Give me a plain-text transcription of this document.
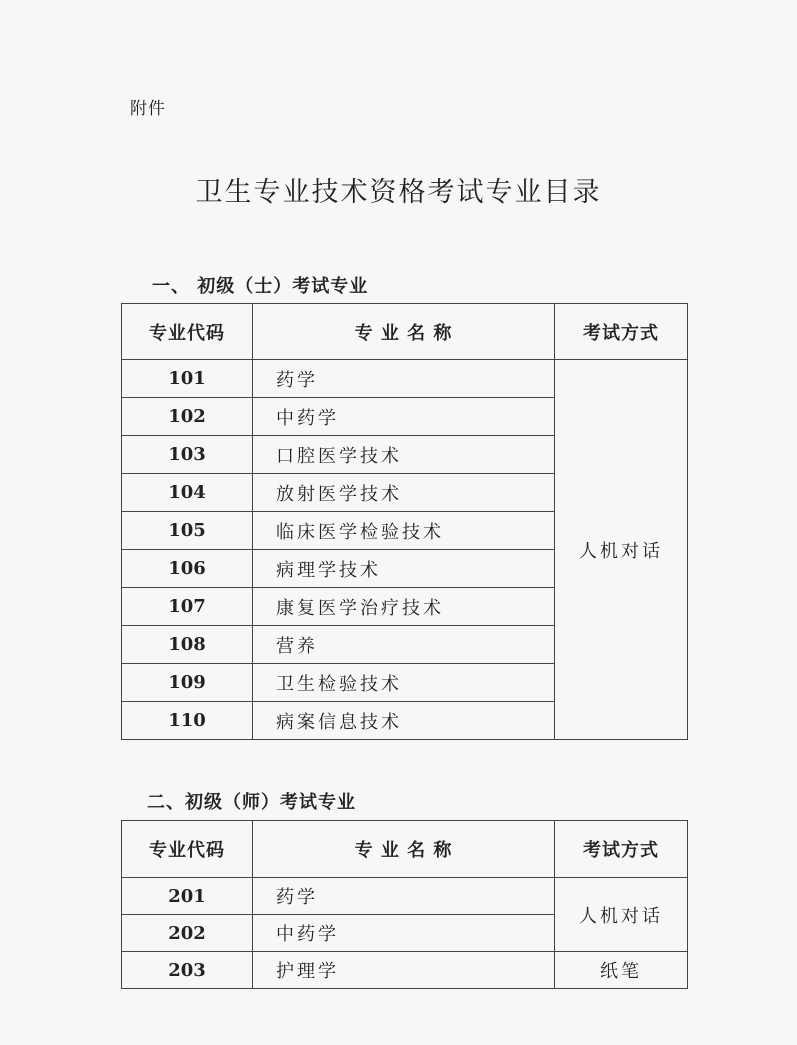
附件
卫生专业技术资格考试专业目录
一、 初级（士）考试专业
专业代码	专 业 名 称	考试方式
101	药学	人机对话
102	中药学	
103	口腔医学技术	
104	放射医学技术	
105	临床医学检验技术	
106	病理学技术	
107	康复医学治疗技术	
108	营养	
109	卫生检验技术	
110	病案信息技术	
二、初级（师）考试专业
专业代码	专 业 名 称	考试方式
201	药学	人机对话
202	中药学	
203	护理学	纸笔
